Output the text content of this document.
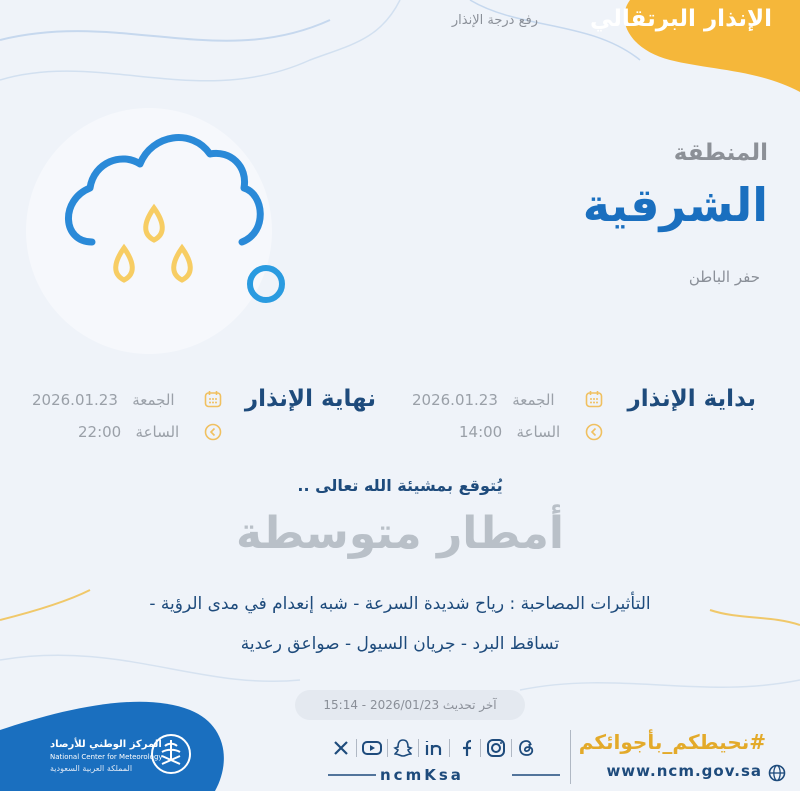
الإنذار البرتقالي
رفع درجة الإنذار
المنطقة
الشرقية
حفر الباطن
بداية الإنذار
الجمعة   2026.01.23
الساعة   14:00
نهاية الإنذار
الجمعة   2026.01.23
الساعة   22:00
يُتوقع بمشيئة الله تعالى ..
أمطار متوسطة
التأثيرات المصاحبة : رياح شديدة السرعة - شبه إنعدام في مدى الرؤية -
تساقط البرد - جريان السيول - صواعق رعدية
آخر تحديث 2026/01/23 - 15:14
المركز الوطني للأرصاد
National Center for Meteorology
المملكة العربية السعودية	ncmKsa
#نحيطكم_بأجوائكم
www.ncm.gov.sa
